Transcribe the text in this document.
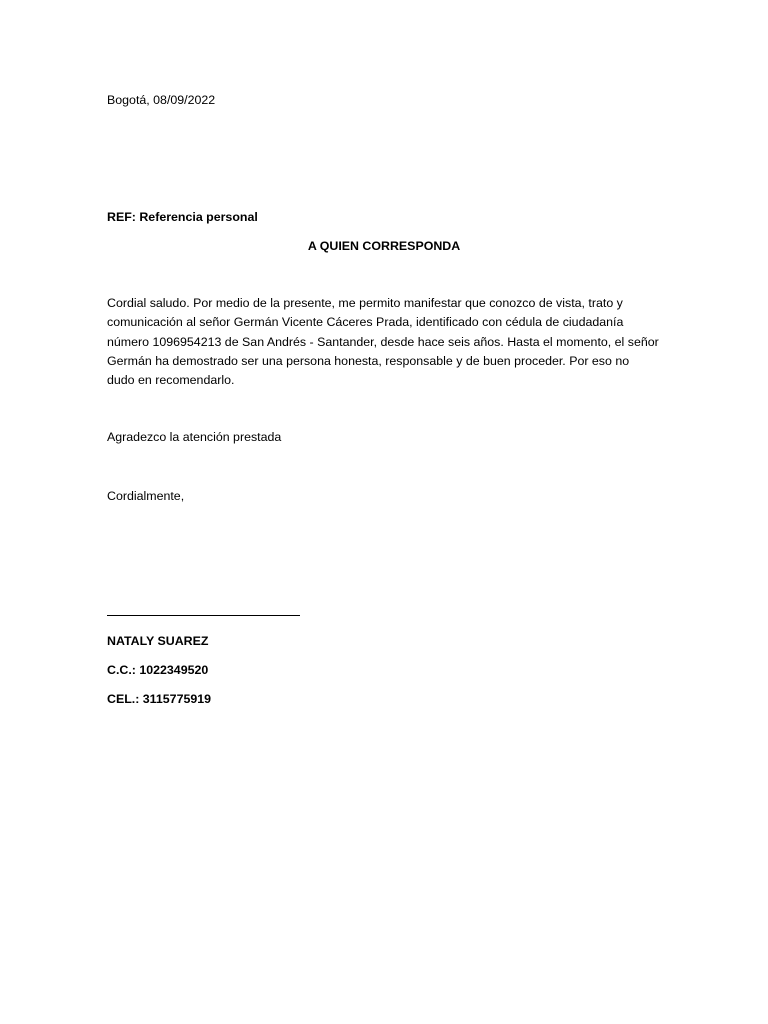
Bogotá, 08/09/2022
REF: Referencia personal
A QUIEN CORRESPONDA
Cordial saludo. Por medio de la presente, me permito manifestar que conozco de vista, trato y
comunicación al señor Germán Vicente Cáceres Prada, identificado con cédula de ciudadanía
número 1096954213 de San Andrés - Santander, desde hace seis años. Hasta el momento, el señor
Germán ha demostrado ser una persona honesta, responsable y de buen proceder. Por eso no
dudo en recomendarlo.
Agradezco la atención prestada
Cordialmente,
NATALY SUAREZ
C.C.: 1022349520
CEL.: 3115775919
